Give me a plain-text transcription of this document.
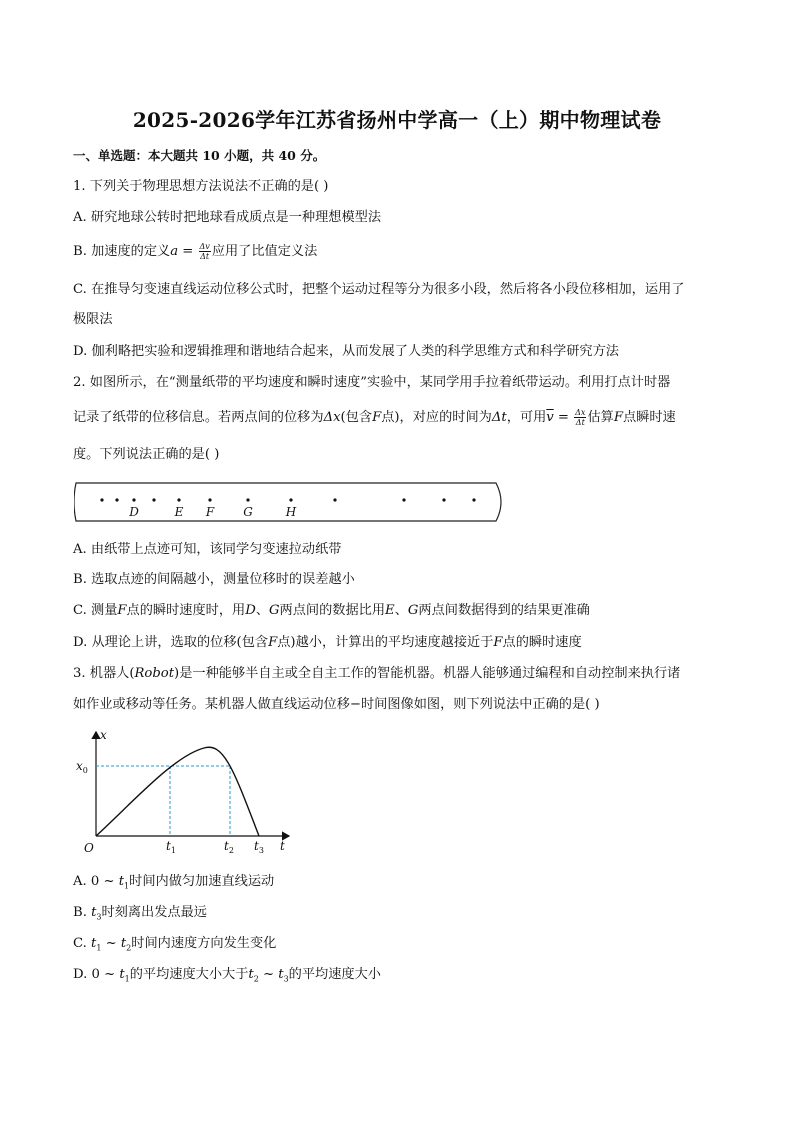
2025-2026学年江苏省扬州中学高一（上）期中物理试卷
一、单选题：本大题共 10 小题，共 40 分。
1. 下列关于物理思想方法说法不正确的是( )
A. 研究地球公转时把地球看成质点是一种理想模型法
B. 加速度的定义$a = \frac{\Delta v}{\Delta t}$ 应用了比值定义法
C. 在推导匀变速直线运动位移公式时，把整个运动过程等分为很多小段，然后将各小段位移相加，运用了
极限法
D. 伽利略把实验和逻辑推理和谐地结合起来，从而发展了人类的科学思维方式和科学研究方法
2. 如图所示，在“测量纸带的平均速度和瞬时速度”实验中，某同学用手拉着纸带运动。利用打点计时器
记录了纸带的位移信息。若两点间的位移为Δx(包含F点)，对应的时间为Δt，可用$\overline{v} = \frac{\Delta x}{\Delta t}$ 估算F点瞬时速
度。下列说法正确的是( )
D	E F G	H
A. 由纸带上点迹可知，该同学匀变速拉动纸带
B. 选取点迹的间隔越小，测量位移时的误差越小
C. 测量F点的瞬时速度时，用D、G两点间的数据比用E、G两点间数据得到的结果更准确
D. 从理论上讲，选取的位移(包含F点)越小，计算出的平均速度越接近于F点的瞬时速度
3. 机器人(Robot)是一种能够半自主或全自主工作的智能机器。机器人能够通过编程和自动控制来执行诸
如作业或移动等任务。某机器人做直线运动位移−时间图像如图，则下列说法中正确的是( )
x
t
O
$x_0$
$t_1$	$t_2$ $t_3$
A. 0 ~ $t_1$时间内做匀加速直线运动
B. $t_3$时刻离出发点最远
C. $t_1$ ~ $t_2$时间内速度方向发生变化
D. 0 ~ $t_1$的平均速度大小大于$t_2$ ~ $t_3$的平均速度大小
